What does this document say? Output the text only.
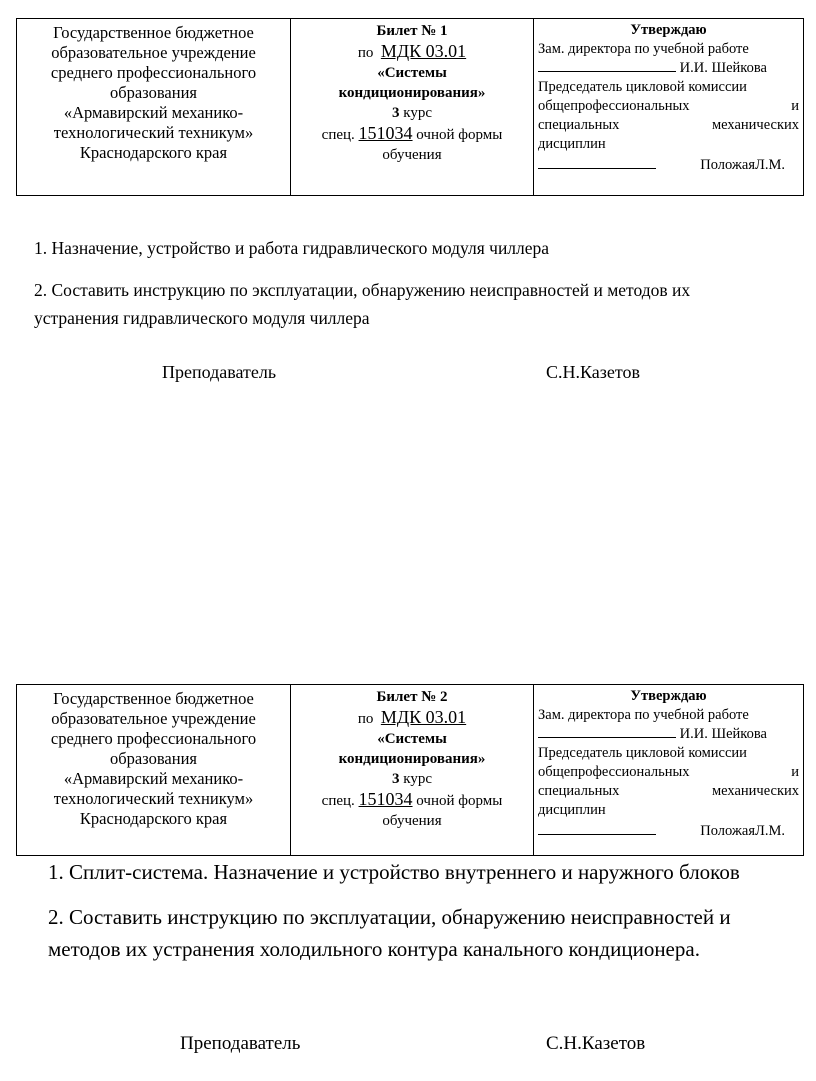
Государственное бюджетное
образовательное учреждение
среднего профессионального
образования
«Армавирский механико-
технологический техникум»
Краснодарского края

Билет № 1
по МДК 03.01
«Системы
кондиционирования»
3 курс
спец. 151034 очной формы
обучения

Утверждаю
Зам. директора по учебной работе
И.И. Шейкова
Председатель цикловой комиссии
общепрофессиональных	и
специальных	механических
дисциплин
ПоложаяЛ.М.
1. Назначение, устройство и работа гидравлического модуля чиллера
2. Составить инструкцию по эксплуатации, обнаружению неисправностей и методов их устранения гидравлического модуля чиллера
Преподаватель	С.Н.Казетов
Государственное бюджетное
образовательное учреждение
среднего профессионального
образования
«Армавирский механико-
технологический техникум»
Краснодарского края

Билет № 2
по МДК 03.01
«Системы
кондиционирования»
3 курс
спец. 151034 очной формы
обучения

Утверждаю
Зам. директора по учебной работе
И.И. Шейкова
Председатель цикловой комиссии
общепрофессиональных	и
специальных	механических
дисциплин
ПоложаяЛ.М.
1. Сплит-система. Назначение и устройство внутреннего и наружного блоков
2. Составить инструкцию по эксплуатации, обнаружению неисправностей и методов их устранения холодильного контура канального кондиционера.
Преподаватель	С.Н.Казетов
